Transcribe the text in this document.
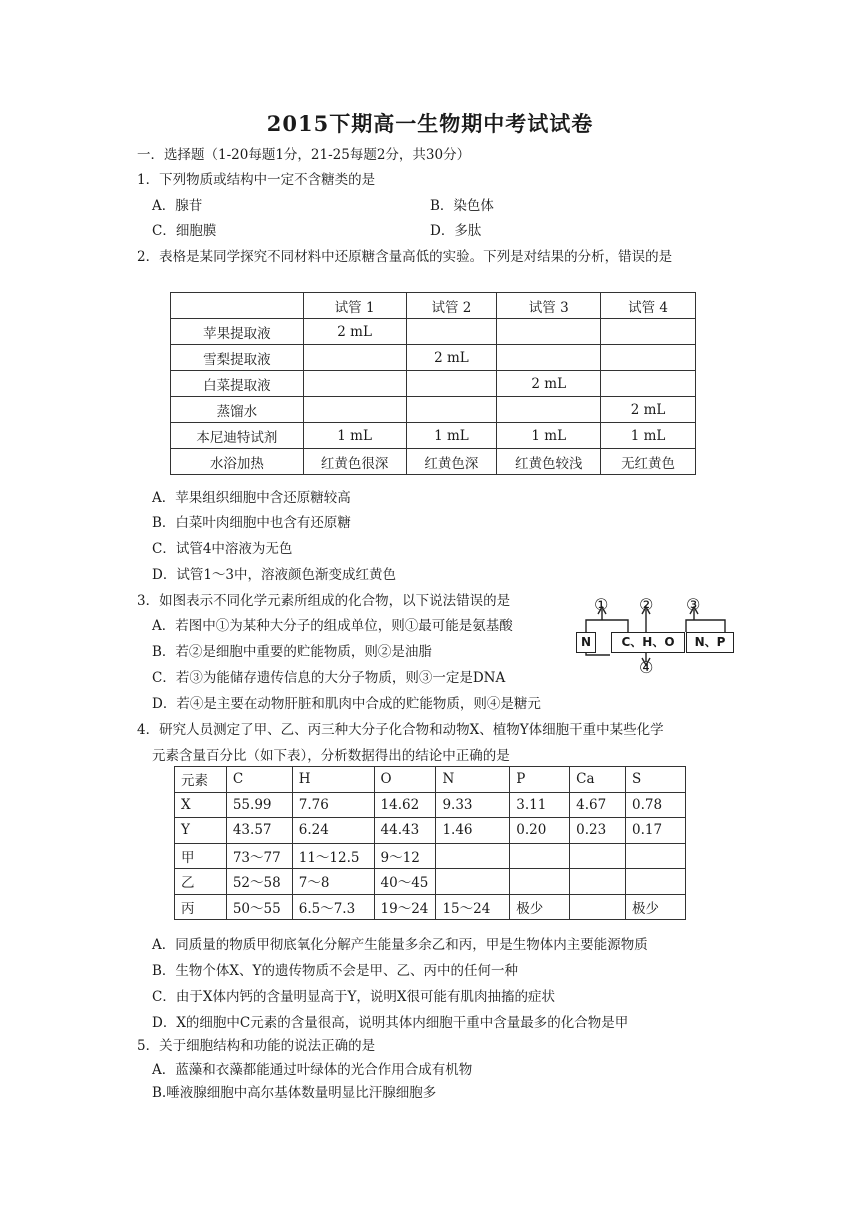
2015下期高一生物期中考试试卷
一．选择题（1-20每题1分，21-25每题2分，共30分）
1．下列物质或结构中一定不含糖类的是
A．腺苷	B．染色体
C．细胞膜	D．多肽
2．表格是某同学探究不同材料中还原糖含量高低的实验。下列是对结果的分析，错误的是
	试管 1	试管 2	试管 3	试管 4
苹果提取液	2 mL			
雪梨提取液		2 mL		
白菜提取液			2 mL	
蒸馏水				2 mL
本尼迪特试剂	1 mL	1 mL	1 mL	1 mL
水浴加热	红黄色很深	红黄色深	红黄色较浅	无红黄色
A．苹果组织细胞中含还原糖较高
B．白菜叶肉细胞中也含有还原糖
C．试管4中溶液为无色
D．试管1～3中，溶液颜色渐变成红黄色
3．如图表示不同化学元素所组成的化合物，以下说法错误的是
A．若图中①为某种大分子的组成单位，则①最可能是氨基酸
B．若②是细胞中重要的贮能物质，则②是油脂
C．若③为能储存遗传信息的大分子物质，则③一定是DNA
D．若④是主要在动物肝脏和肌肉中合成的贮能物质，则④是糖元
N	C、H、O	N、P
① ② ③
④
4．研究人员测定了甲、乙、丙三种大分子化合物和动物X、植物Y体细胞干重中某些化学
元素含量百分比（如下表），分析数据得出的结论中正确的是
元素	C	H	O	N	P	Ca	S
X	55.99	7.76	14.62	9.33	3.11	4.67	0.78
Y	43.57	6.24	44.43	1.46	0.20	0.23	0.17
甲	73～77	11～12.5	9～12				
乙	52～58	7～8	40～45				
丙	50～55	6.5～7.3	19～24	15～24	极少		极少
A．同质量的物质甲彻底氧化分解产生能量多余乙和丙，甲是生物体内主要能源物质
B．生物个体X、Y的遗传物质不会是甲、乙、丙中的任何一种
C．由于X体内钙的含量明显高于Y，说明X很可能有肌肉抽搐的症状
D．X的细胞中C元素的含量很高，说明其体内细胞干重中含量最多的化合物是甲
5．关于细胞结构和功能的说法正确的是
A．蓝藻和衣藻都能通过叶绿体的光合作用合成有机物
B.唾液腺细胞中高尔基体数量明显比汗腺细胞多
